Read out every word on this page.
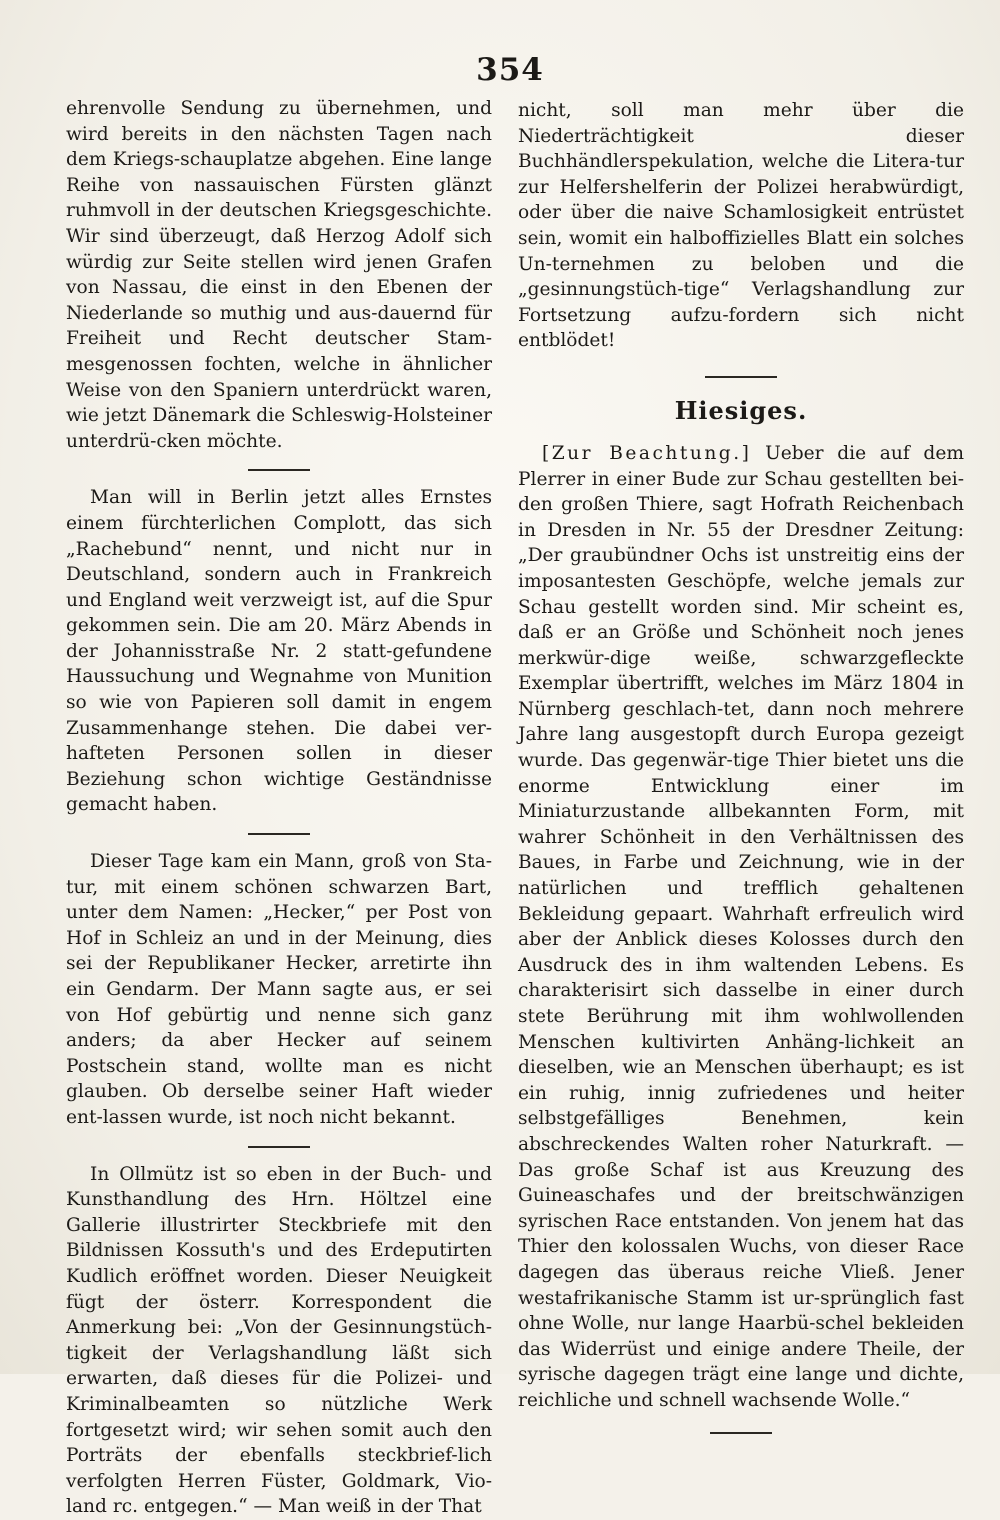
354

ehrenvolle Sendung zu übernehmen, und wird bereits in den nächsten Tagen nach dem Kriegs-schauplatze abgehen. Eine lange Reihe von nassauischen Fürsten glänzt ruhmvoll in der deutschen Kriegsgeschichte. Wir sind überzeugt, daß Herzog Adolf sich würdig zur Seite stellen wird jenen Grafen von Nassau, die einst in den Ebenen der Niederlande so muthig und aus-dauernd für Freiheit und Recht deutscher Stam-mesgenossen fochten, welche in ähnlicher Weise von den Spaniern unterdrückt waren, wie jetzt Dänemark die Schleswig-Holsteiner unterdrü-cken möchte.

Man will in Berlin jetzt alles Ernstes einem fürchterlichen Complott, das sich „Rachebund“ nennt, und nicht nur in Deutschland, sondern auch in Frankreich und England weit verzweigt ist, auf die Spur gekommen sein. Die am 20. März Abends in der Johannisstraße Nr. 2 statt-gefundene Haussuchung und Wegnahme von Munition so wie von Papieren soll damit in engem Zusammenhange stehen. Die dabei ver-hafteten Personen sollen in dieser Beziehung schon wichtige Geständnisse gemacht haben.

Dieser Tage kam ein Mann, groß von Sta-tur, mit einem schönen schwarzen Bart, unter dem Namen: „Hecker,“ per Post von Hof in Schleiz an und in der Meinung, dies sei der Republikaner Hecker, arretirte ihn ein Gendarm. Der Mann sagte aus, er sei von Hof gebürtig und nenne sich ganz anders; da aber Hecker auf seinem Postschein stand, wollte man es nicht glauben. Ob derselbe seiner Haft wieder ent-lassen wurde, ist noch nicht bekannt.

In Ollmütz ist so eben in der Buch- und Kunsthandlung des Hrn. Höltzel eine Gallerie illustrirter Steckbriefe mit den Bildnissen Kossuth's und des Erdeputirten Kudlich eröffnet worden. Dieser Neuigkeit fügt der österr. Korrespondent die Anmerkung bei: „Von der Gesinnungstüch-tigkeit der Verlagshandlung läßt sich erwarten, daß dieses für die Polizei- und Kriminalbeamten so nützliche Werk fortgesetzt wird; wir sehen somit auch den Porträts der ebenfalls steckbrief-lich verfolgten Herren Füster, Goldmark, Vio-land rc. entgegen.“ — Man weiß in der That

nicht, soll man mehr über die Niederträchtigkeit dieser Buchhändlerspekulation, welche die Litera-tur zur Helfershelferin der Polizei herabwürdigt, oder über die naive Schamlosigkeit entrüstet sein, womit ein halboffizielles Blatt ein solches Un-ternehmen zu beloben und die „gesinnungstüch-tige“ Verlagshandlung zur Fortsetzung aufzu-fordern sich nicht entblödet!

Hiesiges.

[Zur Beachtung.] Ueber die auf dem Plerrer in einer Bude zur Schau gestellten bei-den großen Thiere, sagt Hofrath Reichenbach in Dresden in Nr. 55 der Dresdner Zeitung: „Der graubündner Ochs ist unstreitig eins der imposantesten Geschöpfe, welche jemals zur Schau gestellt worden sind. Mir scheint es, daß er an Größe und Schönheit noch jenes merkwür-dige weiße, schwarzgefleckte Exemplar übertrifft, welches im März 1804 in Nürnberg geschlach-tet, dann noch mehrere Jahre lang ausgestopft durch Europa gezeigt wurde. Das gegenwär-tige Thier bietet uns die enorme Entwicklung einer im Miniaturzustande allbekannten Form, mit wahrer Schönheit in den Verhältnissen des Baues, in Farbe und Zeichnung, wie in der natürlichen und trefflich gehaltenen Bekleidung gepaart. Wahrhaft erfreulich wird aber der Anblick dieses Kolosses durch den Ausdruck des in ihm waltenden Lebens. Es charakterisirt sich dasselbe in einer durch stete Berührung mit ihm wohlwollenden Menschen kultivirten Anhäng-lichkeit an dieselben, wie an Menschen überhaupt; es ist ein ruhig, innig zufriedenes und heiter selbstgefälliges Benehmen, kein abschreckendes Walten roher Naturkraft. — Das große Schaf ist aus Kreuzung des Guineaschafes und der breitschwänzigen syrischen Race entstanden. Von jenem hat das Thier den kolossalen Wuchs, von dieser Race dagegen das überaus reiche Vließ. Jener westafrikanische Stamm ist ur-sprünglich fast ohne Wolle, nur lange Haarbü-schel bekleiden das Widerrüst und einige andere Theile, der syrische dagegen trägt eine lange und dichte, reichliche und schnell wachsende Wolle.“
